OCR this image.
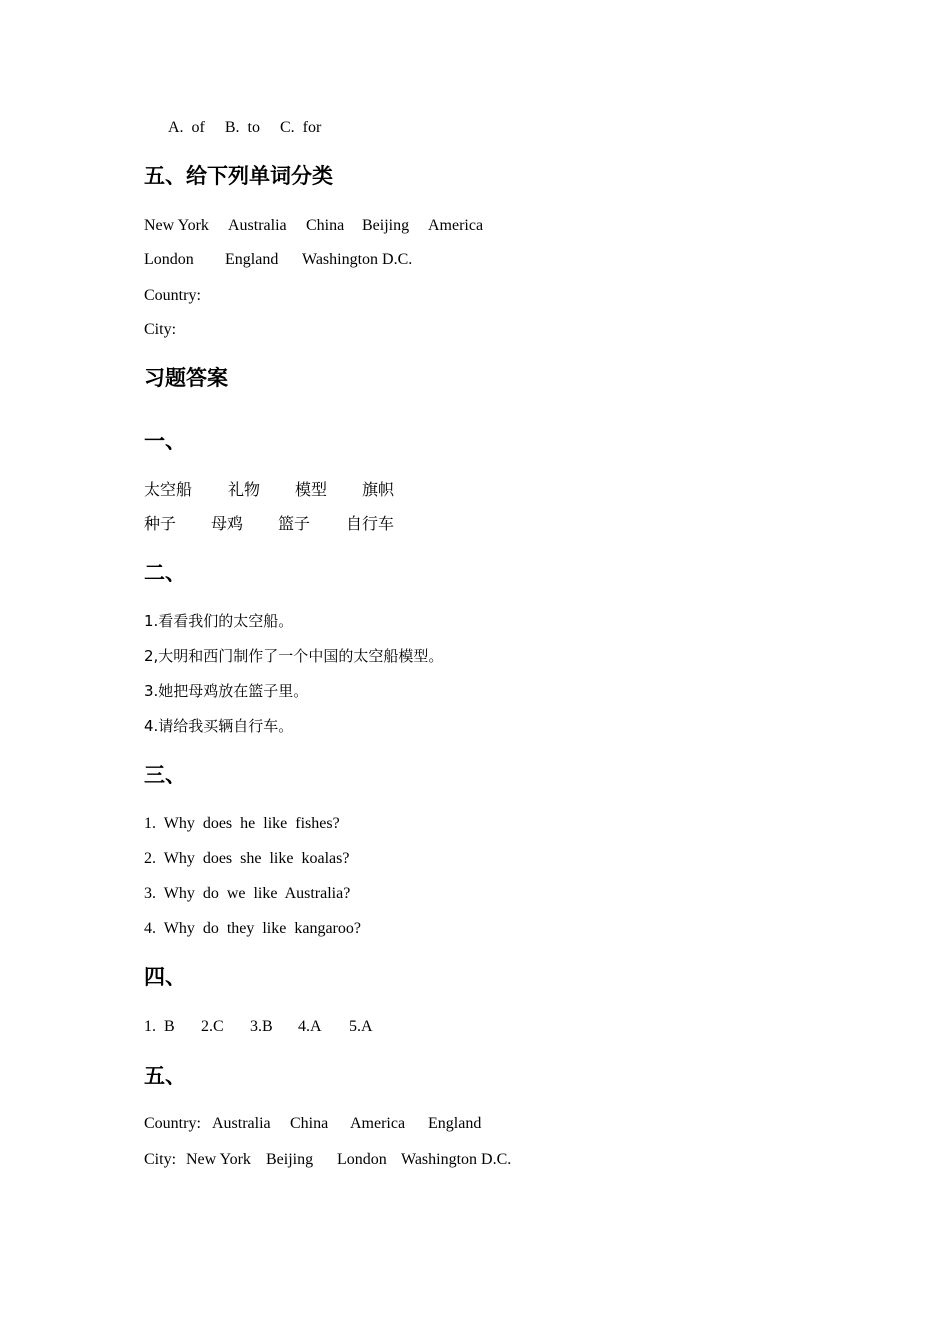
A.  of     B.  to     C.  for
五、给下列单词分类
New York Australia China Beijing America
London England Washington D.C.
Country:
City:
习题答案
一、
太空船 礼物 模型 旗帜
种子 母鸡 篮子 自行车
二、
1.看看我们的太空船。
2,大明和西门制作了一个中国的太空船模型。
3.她把母鸡放在篮子里。
4.请给我买辆自行车。
三、
1.  Why  does  he  like  fishes?
2.  Why  does  she  like  koalas?
3.  Why  do  we  like  Australia?
4.  Why  do  they  like  kangaroo?
四、
1.  B 2.C 3.B 4.A 5.A
五、
Country: Australia China America England
City: New York Beijing London Washington D.C.
